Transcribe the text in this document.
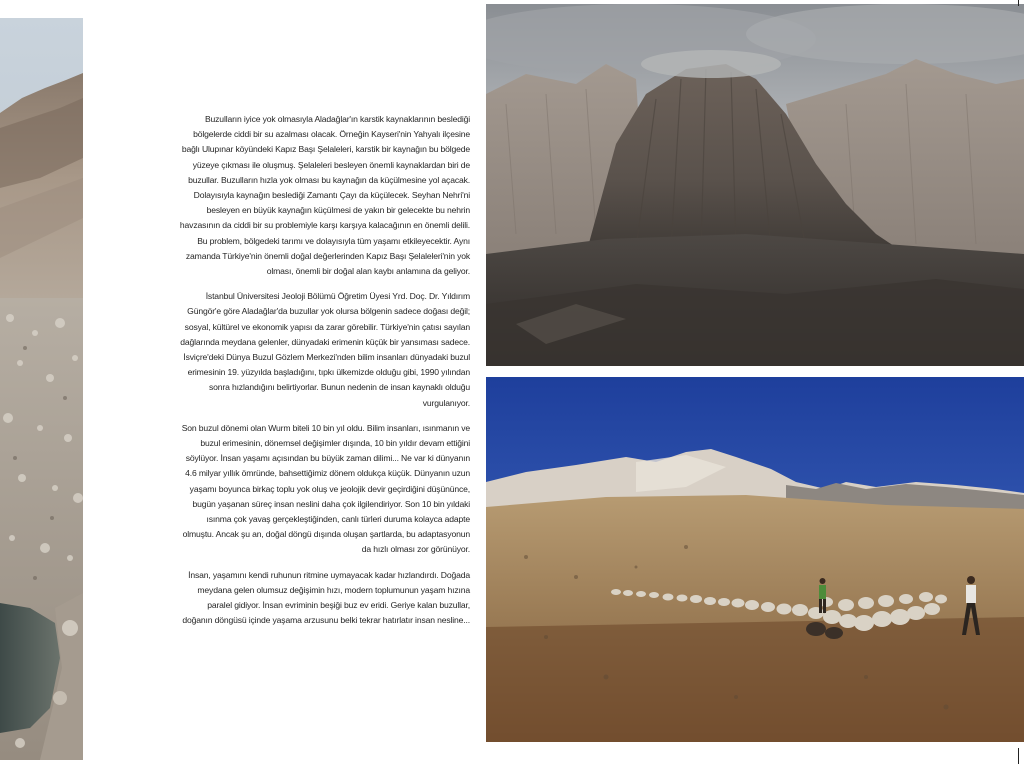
Buzulların iyice yok olmasıyla Aladağlar'ın karstik kaynaklarının beslediği bölgelerde ciddi bir su azalması olacak. Örneğin Kayseri'nin Yahyalı ilçesine bağlı Ulupınar köyündeki Kapız Başı Şelaleleri, karstik bir kaynağın bu bölgede yüzeye çıkması ile oluşmuş. Şelaleleri besleyen önemli kaynaklardan biri de buzullar. Buzulların hızla yok olması bu kaynağın da küçülmesine yol açacak. Dolayısıyla kaynağın beslediği Zamantı Çayı da küçülecek. Seyhan Nehri'ni besleyen en büyük kaynağın küçülmesi de yakın bir gelecekte bu nehrin havzasının da ciddi bir su problemiyle karşı karşıya kalacağının en önemli delili. Bu problem, bölgedeki tarımı ve dolayısıyla tüm yaşamı etkileyecektir. Aynı zamanda Türkiye'nin önemli doğal değerlerinden Kapız Başı Şelaleleri'nin yok olması, önemli bir doğal alan kaybı anlamına da geliyor.

İstanbul Üniversitesi Jeoloji Bölümü Öğretim Üyesi Yrd. Doç. Dr. Yıldırım Güngör'e göre Aladağlar'da buzullar yok olursa bölgenin sadece doğası değil; sosyal, kültürel ve ekonomik yapısı da zarar görebilir. Türkiye'nin çatısı sayılan dağlarında meydana gelenler, dünyadaki erimenin küçük bir yansıması sadece. İsviçre'deki Dünya Buzul Gözlem Merkezi'nden bilim insanları dünyadaki buzul erimesinin 19. yüzyılda başladığını, tıpkı ülkemizde olduğu gibi, 1990 yılından sonra hızlandığını belirtiyorlar. Bunun nedenin de insan kaynaklı olduğu vurgulanıyor.

Son buzul dönemi olan Wurm biteli 10 bin yıl oldu. Bilim insanları, ısınmanın ve buzul erimesinin, dönemsel değişimler dışında, 10 bin yıldır devam ettiğini söylüyor. İnsan yaşamı açısından bu büyük zaman dilimi... Ne var ki dünyanın 4.6 milyar yıllık ömründe, bahsettiğimiz dönem oldukça küçük. Dünyanın uzun yaşamı boyunca birkaç toplu yok oluş ve jeolojik devir geçirdiğini düşününce, bugün yaşanan süreç insan neslini daha çok ilgilendiriyor. Son 10 bin yıldaki ısınma çok yavaş gerçekleştiğinden, canlı türleri duruma kolayca adapte olmuştu. Ancak şu an, doğal döngü dışında oluşan şartlarda, bu adaptasyonun da hızlı olması zor görünüyor.

İnsan, yaşamını kendi ruhunun ritmine uymayacak kadar hızlandırdı. Doğada meydana gelen olumsuz değişimin hızı, modern toplumunun yaşam hızına paralel gidiyor. İnsan evriminin beşiği buz ev eridi. Geriye kalan buzullar, doğanın döngüsü içinde yaşama arzusunu belki tekrar hatırlatır insan nesline...
